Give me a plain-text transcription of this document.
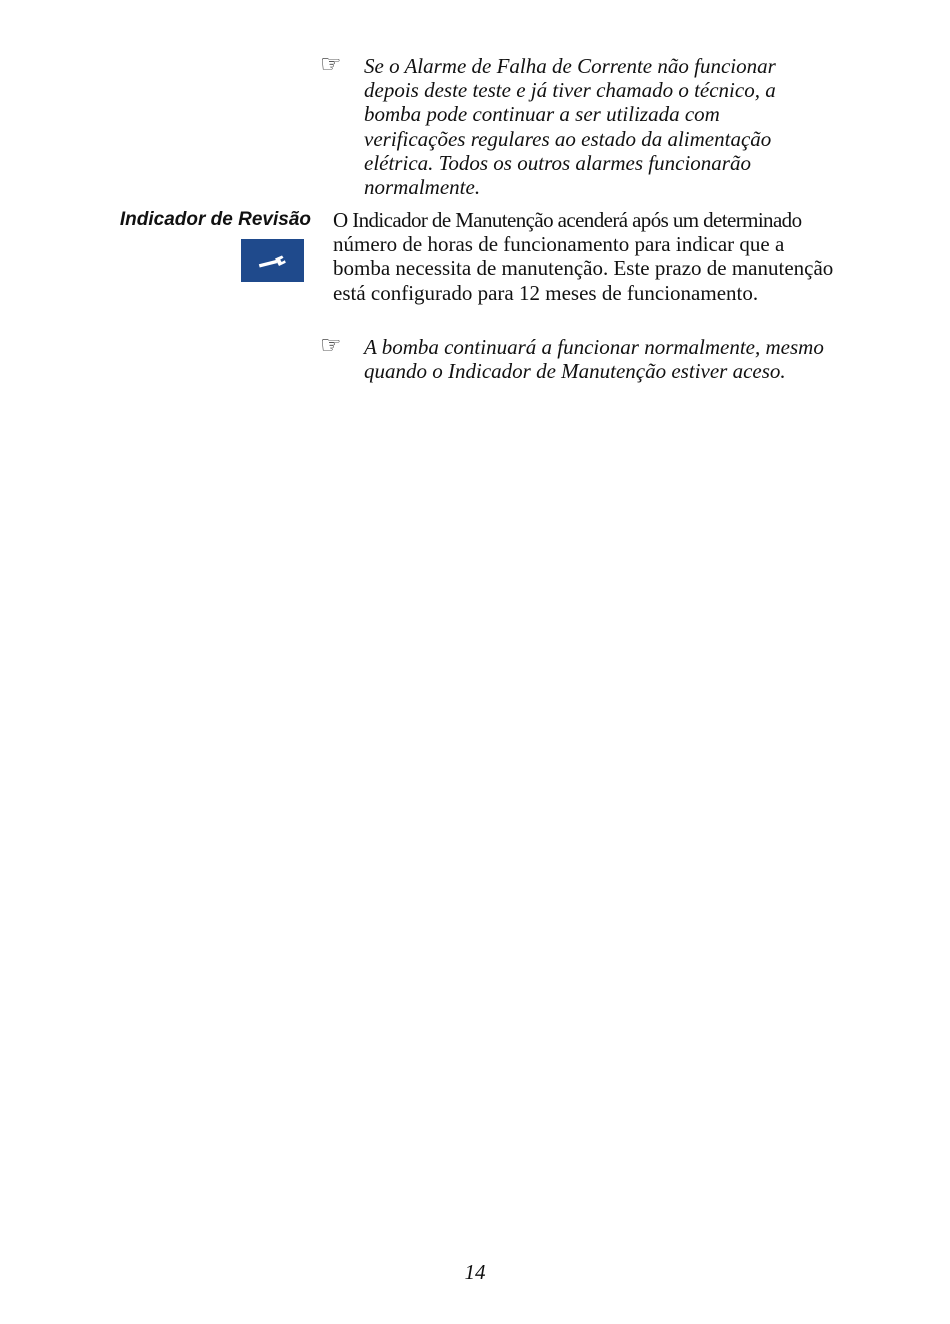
☞	Se o Alarme de Falha de Corrente não funcionar depois deste teste e já tiver chamado o técnico, a bomba pode continuar a ser utilizada com verificações regulares ao estado da alimentação elétrica. Todos os outros alarmes funcionarão normalmente.
Indicador de Revisão O Indicador de Manutenção acenderá após um determinado
número de horas de funcionamento para indicar que a bomba necessita de manutenção. Este prazo de manutenção está configurado para 12 meses de funcionamento.
☞	A bomba continuará a funcionar normalmente, mesmo quando o Indicador de Manutenção estiver aceso.
14
